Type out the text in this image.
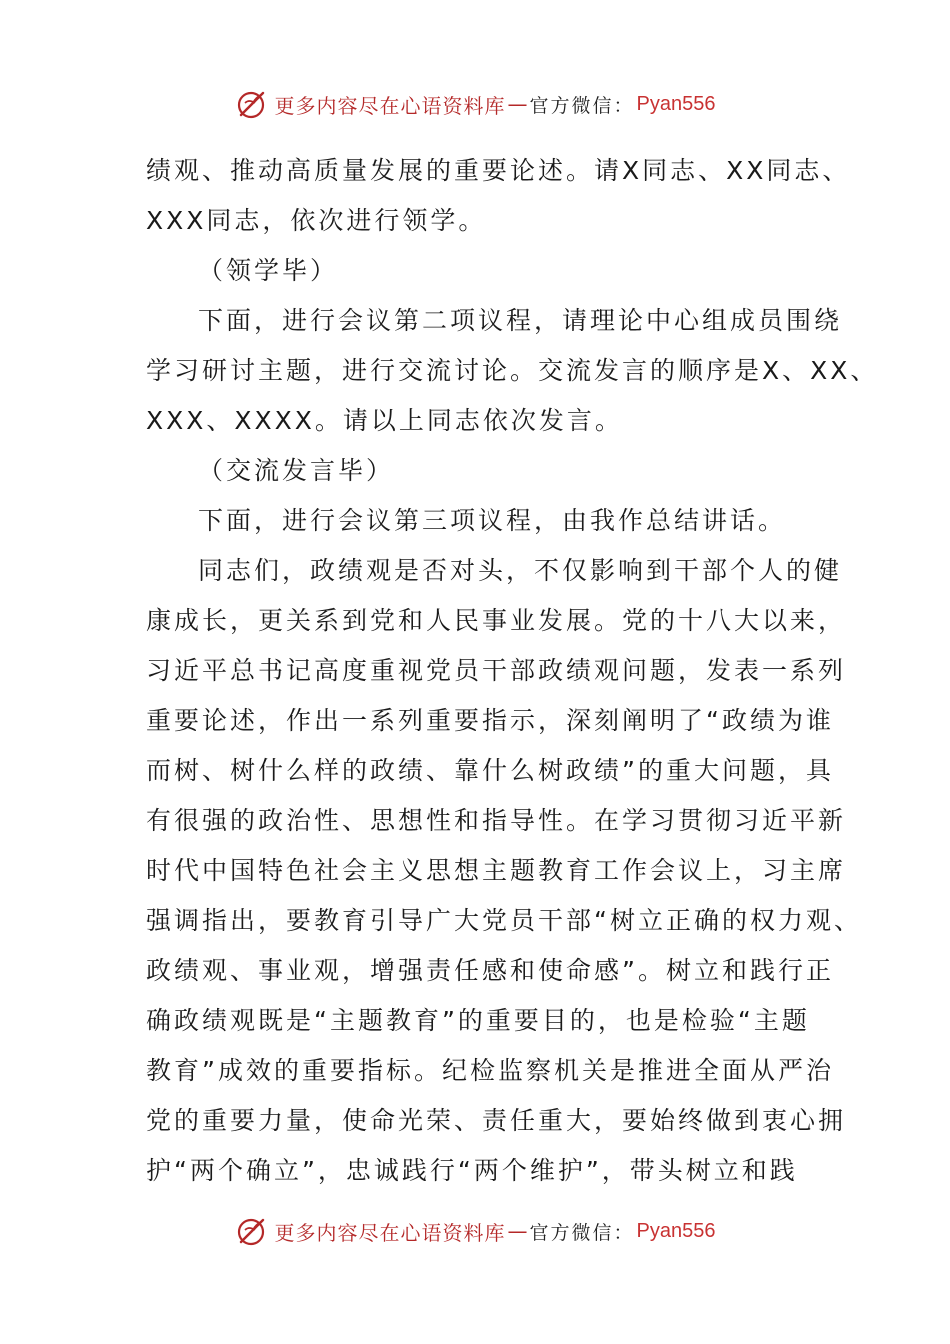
更多内容尽在心语资料库 — 官方微信： Pyan556
绩观、推动高质量发展的重要论述。请X同志、XX同志、
XXX同志，依次进行领学。
（领学毕）
下面，进行会议第二项议程，请理论中心组成员围绕
学习研讨主题，进行交流讨论。交流发言的顺序是X、XX、
XXX、XXXX。请以上同志依次发言。
（交流发言毕）
下面，进行会议第三项议程，由我作总结讲话。
同志们，政绩观是否对头，不仅影响到干部个人的健
康成长，更关系到党和人民事业发展。党的十八大以来，
习近平总书记高度重视党员干部政绩观问题，发表一系列
重要论述，作出一系列重要指示，深刻阐明了“政绩为谁
而树、树什么样的政绩、靠什么树政绩”的重大问题，具
有很强的政治性、思想性和指导性。在学习贯彻习近平新
时代中国特色社会主义思想主题教育工作会议上，习主席
强调指出，要教育引导广大党员干部“树立正确的权力观、
政绩观、事业观，增强责任感和使命感”。树立和践行正
确政绩观既是“主题教育”的重要目的，也是检验“主题
教育”成效的重要指标。纪检监察机关是推进全面从严治
党的重要力量，使命光荣、责任重大，要始终做到衷心拥
护“两个确立”，忠诚践行“两个维护”，带头树立和践
更多内容尽在心语资料库 — 官方微信： Pyan556
